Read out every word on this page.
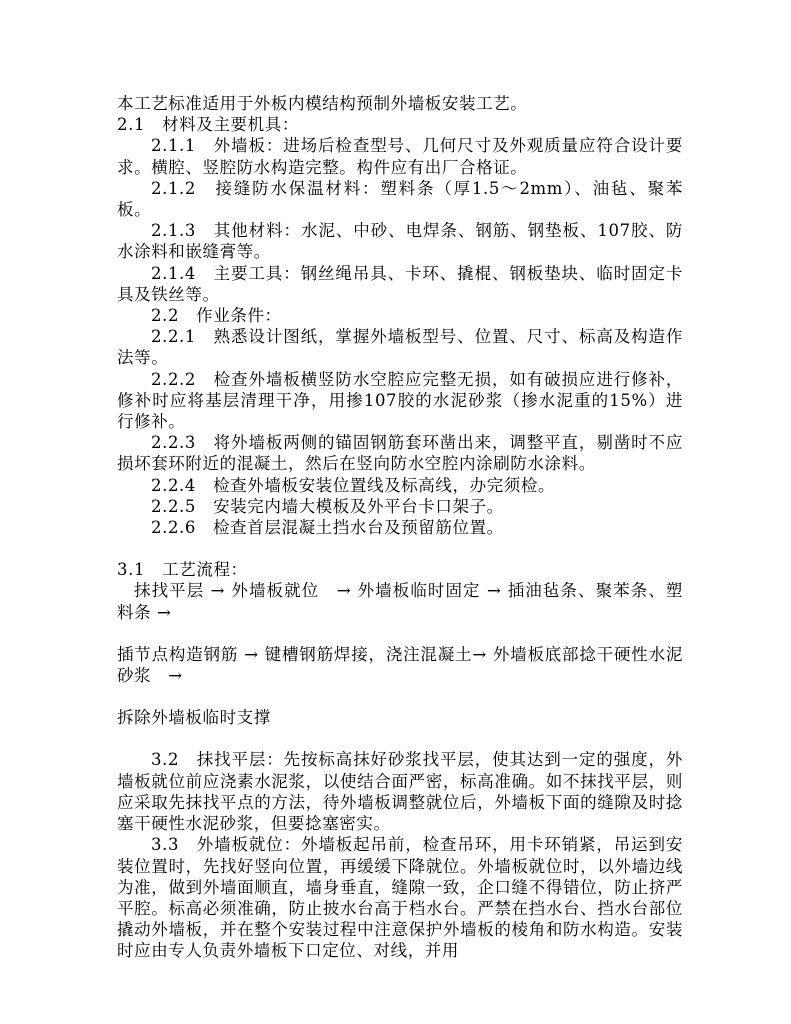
本工艺标准适用于外板内模结构预制外墙板安装工艺。

2.1　材料及主要机具：

2.1.1　外墙板：进场后检查型号、几何尺寸及外观质量应符合设计要求。横腔、竖腔防水构造完整。构件应有出厂合格证。

2.1.2　接缝防水保温材料：塑料条（厚1.5～2mm）、油毡、聚苯板。

2.1.3　其他材料：水泥、中砂、电焊条、钢筋、钢垫板、107胶、防水涂料和嵌缝膏等。

2.1.4　主要工具：钢丝绳吊具、卡环、撬棍、钢板垫块、临时固定卡具及铁丝等。

2.2　作业条件：

2.2.1　熟悉设计图纸，掌握外墙板型号、位置、尺寸、标高及构造作法等。

2.2.2　检查外墙板横竖防水空腔应完整无损，如有破损应进行修补，修补时应将基层清理干净，用掺107胶的水泥砂浆（掺水泥重的15%）进行修补。

2.2.3　将外墙板两侧的锚固钢筋套环凿出来，调整平直，剔凿时不应损坏套环附近的混凝土，然后在竖向防水空腔内涂刷防水涂料。

2.2.4　检查外墙板安装位置线及标高线，办完须检。

2.2.5　安装完内墙大模板及外平台卡口架子。

2.2.6　检查首层混凝土挡水台及预留筋位置。

3.1　工艺流程：

抹找平层 → 外墙板就位　→ 外墙板临时固定 → 插油毡条、聚苯条、塑料条 →

插节点构造钢筋 → 键槽钢筋焊接，浇注混凝土→ 外墙板底部捻干硬性水泥砂浆　→

拆除外墙板临时支撑

3.2　抹找平层：先按标高抹好砂浆找平层，使其达到一定的强度，外墙板就位前应浇素水泥浆，以使结合面严密，标高准确。如不抹找平层，则应采取先抹找平点的方法，待外墙板调整就位后，外墙板下面的缝隙及时捻塞干硬性水泥砂浆，但要捻塞密实。

3.3　外墙板就位：外墙板起吊前，检查吊环，用卡环销紧，吊运到安装位置时，先找好竖向位置，再缓缓下降就位。外墙板就位时，以外墙边线为准，做到外墙面顺直，墙身垂直，缝隙一致，企口缝不得错位，防止挤严平腔。标高必须准确，防止披水台高于档水台。严禁在挡水台、挡水台部位撬动外墙板，并在整个安装过程中注意保护外墙板的棱角和防水构造。安装时应由专人负责外墙板下口定位、对线，并用
